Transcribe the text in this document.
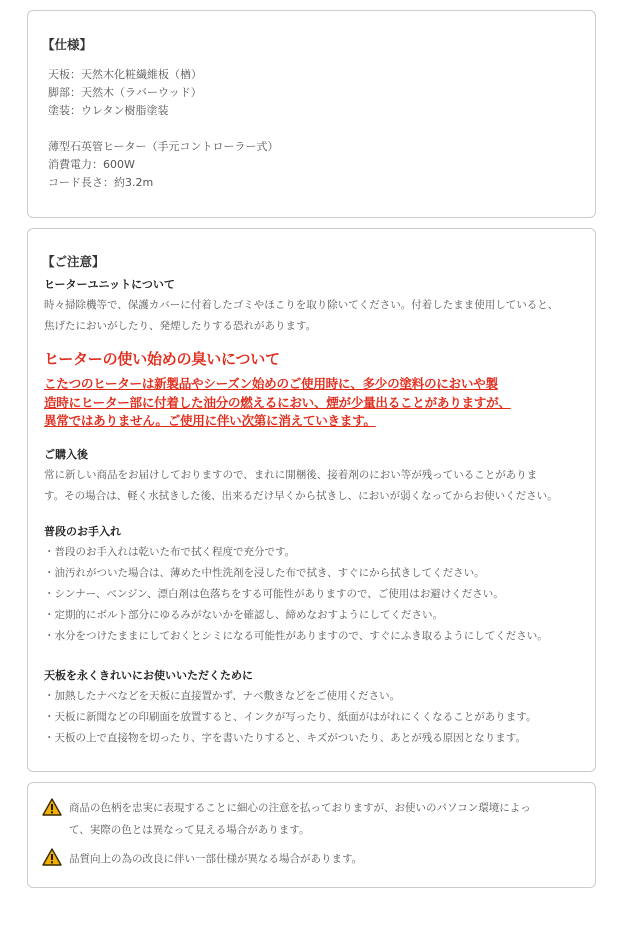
【仕様】

天板：天然木化粧繊維板（楢）

脚部：天然木（ラバーウッド）

塗装：ウレタン樹脂塗装

薄型石英管ヒーター（手元コントローラー式）

消費電力：600W

コード長さ：約3.2m

【ご注意】

ヒーターユニットについて

時々掃除機等で、保護カバーに付着したゴミやほこりを取り除いてください。付着したまま使用していると、

焦げたにおいがしたり、発煙したりする恐れがあります。

ヒーターの使い始めの臭いについて

こたつのヒーターは新製品やシーズン始めのご使用時に、多少の塗料のにおいや製

造時にヒーター部に付着した油分の燃えるにおい、煙が少量出ることがありますが、

異常ではありません。ご使用に伴い次第に消えていきます。

ご購入後

常に新しい商品をお届けしておりますので、まれに開梱後、接着剤のにおい等が残っていることがありま

す。その場合は、軽く水拭きした後、出来るだけ早くから拭きし、においが弱くなってからお使いください。

普段のお手入れ

・普段のお手入れは乾いた布で拭く程度で充分です。

・油汚れがついた場合は、薄めた中性洗剤を浸した布で拭き、すぐにから拭きしてください。

・シンナー、ベンジン、漂白剤は色落ちをする可能性がありますので、ご使用はお避けください。

・定期的にボルト部分にゆるみがないかを確認し、締めなおすようにしてください。

・水分をつけたままにしておくとシミになる可能性がありますので、すぐにふき取るようにしてください。

天板を永くきれいにお使いいただくために

・加熱したナベなどを天板に直接置かず、ナベ敷きなどをご使用ください。

・天板に新聞などの印刷面を放置すると、インクが写ったり、紙面がはがれにくくなることがあります。

・天板の上で直接物を切ったり、字を書いたりすると、キズがついたり、あとが残る原因となります。

商品の色柄を忠実に表現することに細心の注意を払っておりますが、お使いのパソコン環境によっ

て、実際の色とは異なって見える場合があります。

品質向上の為の改良に伴い一部仕様が異なる場合があります。
